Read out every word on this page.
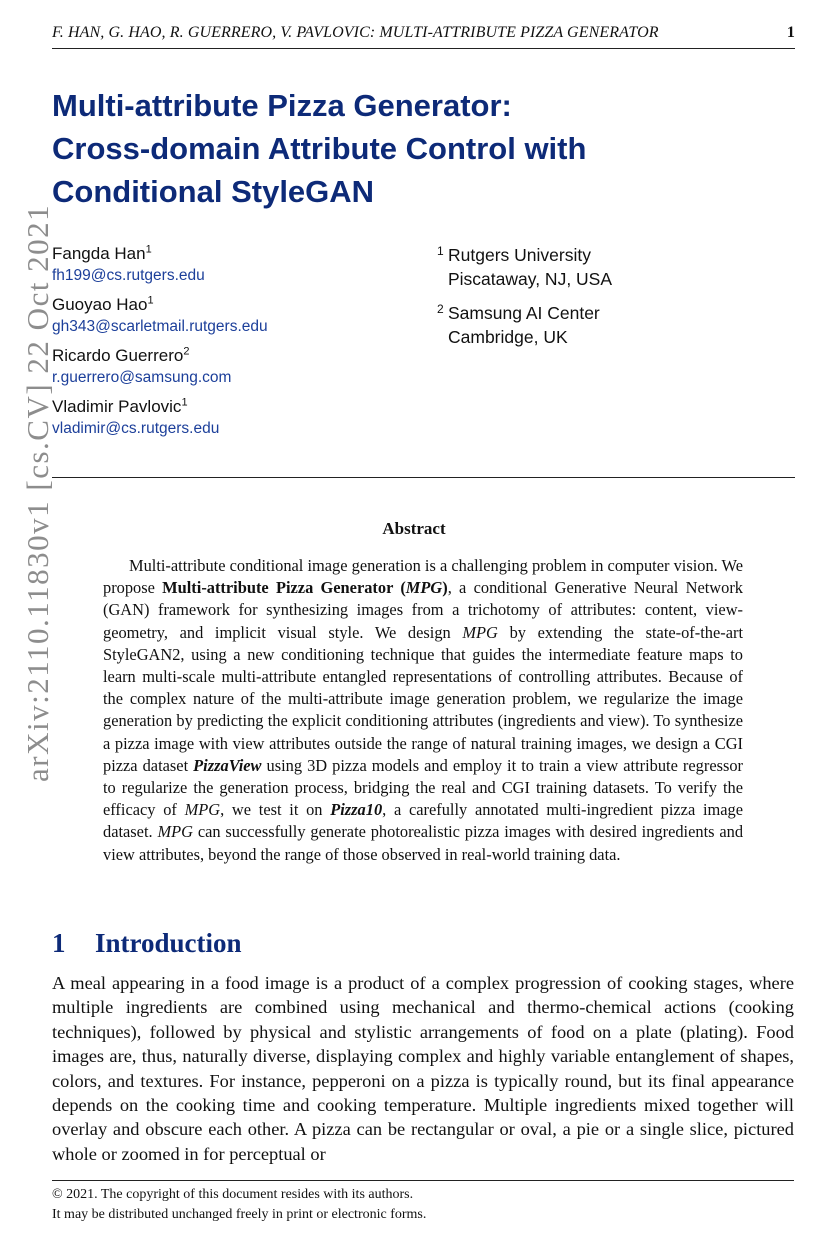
F. HAN, G. HAO, R. GUERRERO, V. PAVLOVIC: MULTI-ATTRIBUTE PIZZA GENERATOR	1
arXiv:2110.11830v1 [cs.CV] 22 Oct 2021
Multi-attribute Pizza Generator:
Cross-domain Attribute Control with
Conditional StyleGAN
Fangda Han$^1$
fh199@cs.rutgers.edu
Guoyao Hao$^1$
gh343@scarletmail.rutgers.edu
Ricardo Guerrero$^2$
r.guerrero@samsung.com
Vladimir Pavlovic$^1$
vladimir@cs.rutgers.edu
1 Rutgers University
Piscataway, NJ, USA
2 Samsung AI Center
Cambridge, UK
Abstract

Multi-attribute conditional image generation is a challenging problem in computer vision. We propose Multi-attribute Pizza Generator (MPG), a conditional Generative Neural Network (GAN) framework for synthesizing images from a trichotomy of attributes: content, view-geometry, and implicit visual style. We design MPG by extending the state-of-the-art StyleGAN2, using a new conditioning technique that guides the intermediate feature maps to learn multi-scale multi-attribute entangled representations of controlling attributes. Because of the complex nature of the multi-attribute image generation problem, we regularize the image generation by predicting the explicit conditioning attributes (ingredients and view). To synthesize a pizza image with view attributes outside the range of natural training images, we design a CGI pizza dataset PizzaView using 3D pizza models and employ it to train a view attribute regressor to regularize the generation process, bridging the real and CGI training datasets. To verify the efficacy of MPG, we test it on Pizza10, a carefully annotated multi-ingredient pizza image dataset. MPG can successfully generate photorealistic pizza images with desired ingredients and view attributes, beyond the range of those observed in real-world training data.

1 Introduction

A meal appearing in a food image is a product of a complex progression of cooking stages, where multiple ingredients are combined using mechanical and thermo-chemical actions (cooking techniques), followed by physical and stylistic arrangements of food on a plate (plating). Food images are, thus, naturally diverse, displaying complex and highly variable entanglement of shapes, colors, and textures. For instance, pepperoni on a pizza is typically round, but its final appearance depends on the cooking time and cooking temperature. Multiple ingredients mixed together will overlay and obscure each other. A pizza can be rectangular or oval, a pie or a single slice, pictured whole or zoomed in for perceptual or

© 2021. The copyright of this document resides with its authors.
It may be distributed unchanged freely in print or electronic forms.
